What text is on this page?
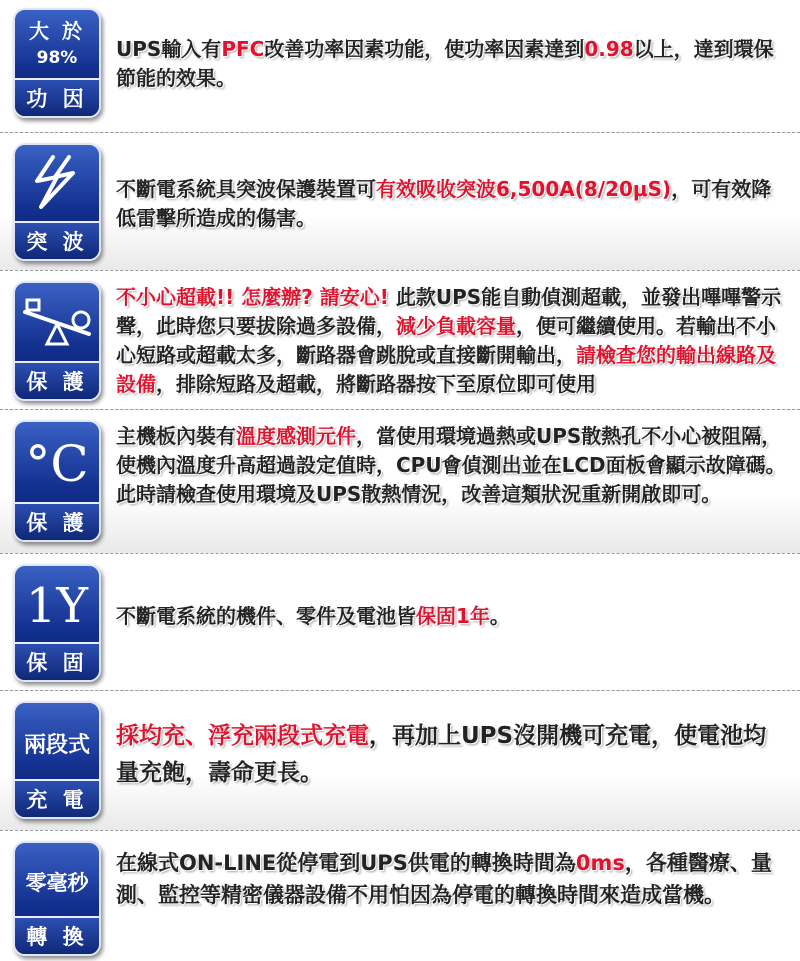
大 於
98%
功 因
UPS輸入有PFC改善功率因素功能，使功率因素達到0.98以上，達到環保節能的效果。
突 波
不斷電系統具突波保護裝置可有效吸收突波6,500A(8/20μS)，可有效降低雷擊所造成的傷害。
保 護
不小心超載!! 怎麼辦? 請安心! 此款UPS能自動偵測超載，並發出嗶嗶警示聲，此時您只要拔除過多設備，減少負載容量，便可繼續使用。若輸出不小心短路或超載太多，斷路器會跳脫或直接斷開輸出，請檢查您的輸出線路及設備，排除短路及超載，將斷路器按下至原位即可使用
°C
保 護
主機板內裝有溫度感測元件，當使用環境過熱或UPS散熱孔不小心被阻隔，使機內溫度升高超過設定值時，CPU會偵測出並在LCD面板會顯示故障碼。此時請檢查使用環境及UPS散熱情況，改善這類狀況重新開啟即可。
1Y
保 固
不斷電系統的機件、零件及電池皆保固1年。
兩段式
充 電
採均充、浮充兩段式充電，再加上UPS沒開機可充電，使電池均量充飽，壽命更長。
零毫秒
轉 換
在線式ON-LINE從停電到UPS供電的轉換時間為0ms，各種醫療、量測、監控等精密儀器設備不用怕因為停電的轉換時間來造成當機。
